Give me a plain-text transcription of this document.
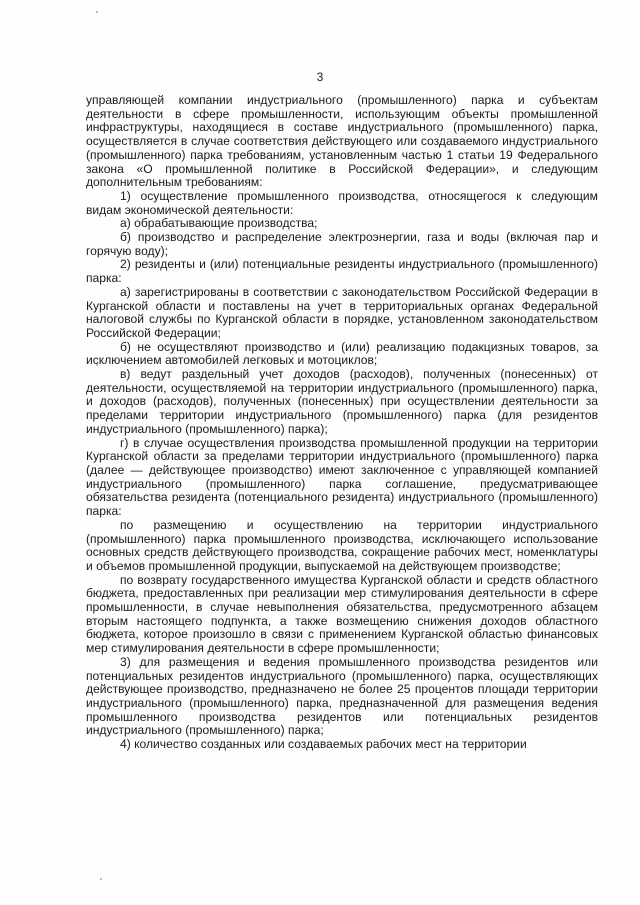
3

управляющей компании индустриального (промышленного) парка и субъектам деятельности в сфере промышленности, использующим объекты промышленной инфраструктуры, находящиеся в составе индустриального (промышленного) парка, осуществляется в случае соответствия действующего или создаваемого индустриального (промышленного) парка требованиям, установленным частью 1 статьи 19 Федерального закона «О промышленной политике в Российской Федерации», и следующим дополнительным требованиям:

1) осуществление промышленного производства, относящегося к следующим видам экономической деятельности:

а) обрабатывающие производства;

б) производство и распределение электроэнергии, газа и воды (включая пар и горячую воду);

2) резиденты и (или) потенциальные резиденты индустриального (промышленного) парка:

а) зарегистрированы в соответствии с законодательством Российской Федерации в Курганской области и поставлены на учет в территориальных органах Федеральной налоговой службы по Курганской области в порядке, установленном законодательством Российской Федерации;

б) не осуществляют производство и (или) реализацию подакцизных товаров, за исключением автомобилей легковых и мотоциклов;

в) ведут раздельный учет доходов (расходов), полученных (понесенных) от деятельности, осуществляемой на территории индустриального (промышленного) парка, и доходов (расходов), полученных (понесенных) при осуществлении деятельности за пределами территории индустриального (промышленного) парка (для резидентов индустриального (промышленного) парка);

г) в случае осуществления производства промышленной продукции на территории Курганской области за пределами территории индустриального (промышленного) парка (далее — действующее производство) имеют заключенное с управляющей компанией индустриального (промышленного) парка соглашение, предусматривающее обязательства резидента (потенциального резидента) индустриального (промышленного) парка:

по размещению и осуществлению на территории индустриального (промышленного) парка промышленного производства, исключающего использование основных средств действующего производства, сокращение рабочих мест, номенклатуры и объемов промышленной продукции, выпускаемой на действующем производстве;

по возврату государственного имущества Курганской области и средств областного бюджета, предоставленных при реализации мер стимулирования деятельности в сфере промышленности, в случае невыполнения обязательства, предусмотренного абзацем вторым настоящего подпункта, а также возмещению снижения доходов областного бюджета, которое произошло в связи с применением Курганской областью финансовых мер стимулирования деятельности в сфере промышленности;

3) для размещения и ведения промышленного производства резидентов или потенциальных резидентов индустриального (промышленного) парка, осуществляющих действующее производство, предназначено не более 25 процентов площади территории индустриального (промышленного) парка, предназначенной для размещения ведения промышленного производства резидентов или потенциальных резидентов индустриального (промышленного) парка;

4) количество созданных или создаваемых рабочих мест на территории
